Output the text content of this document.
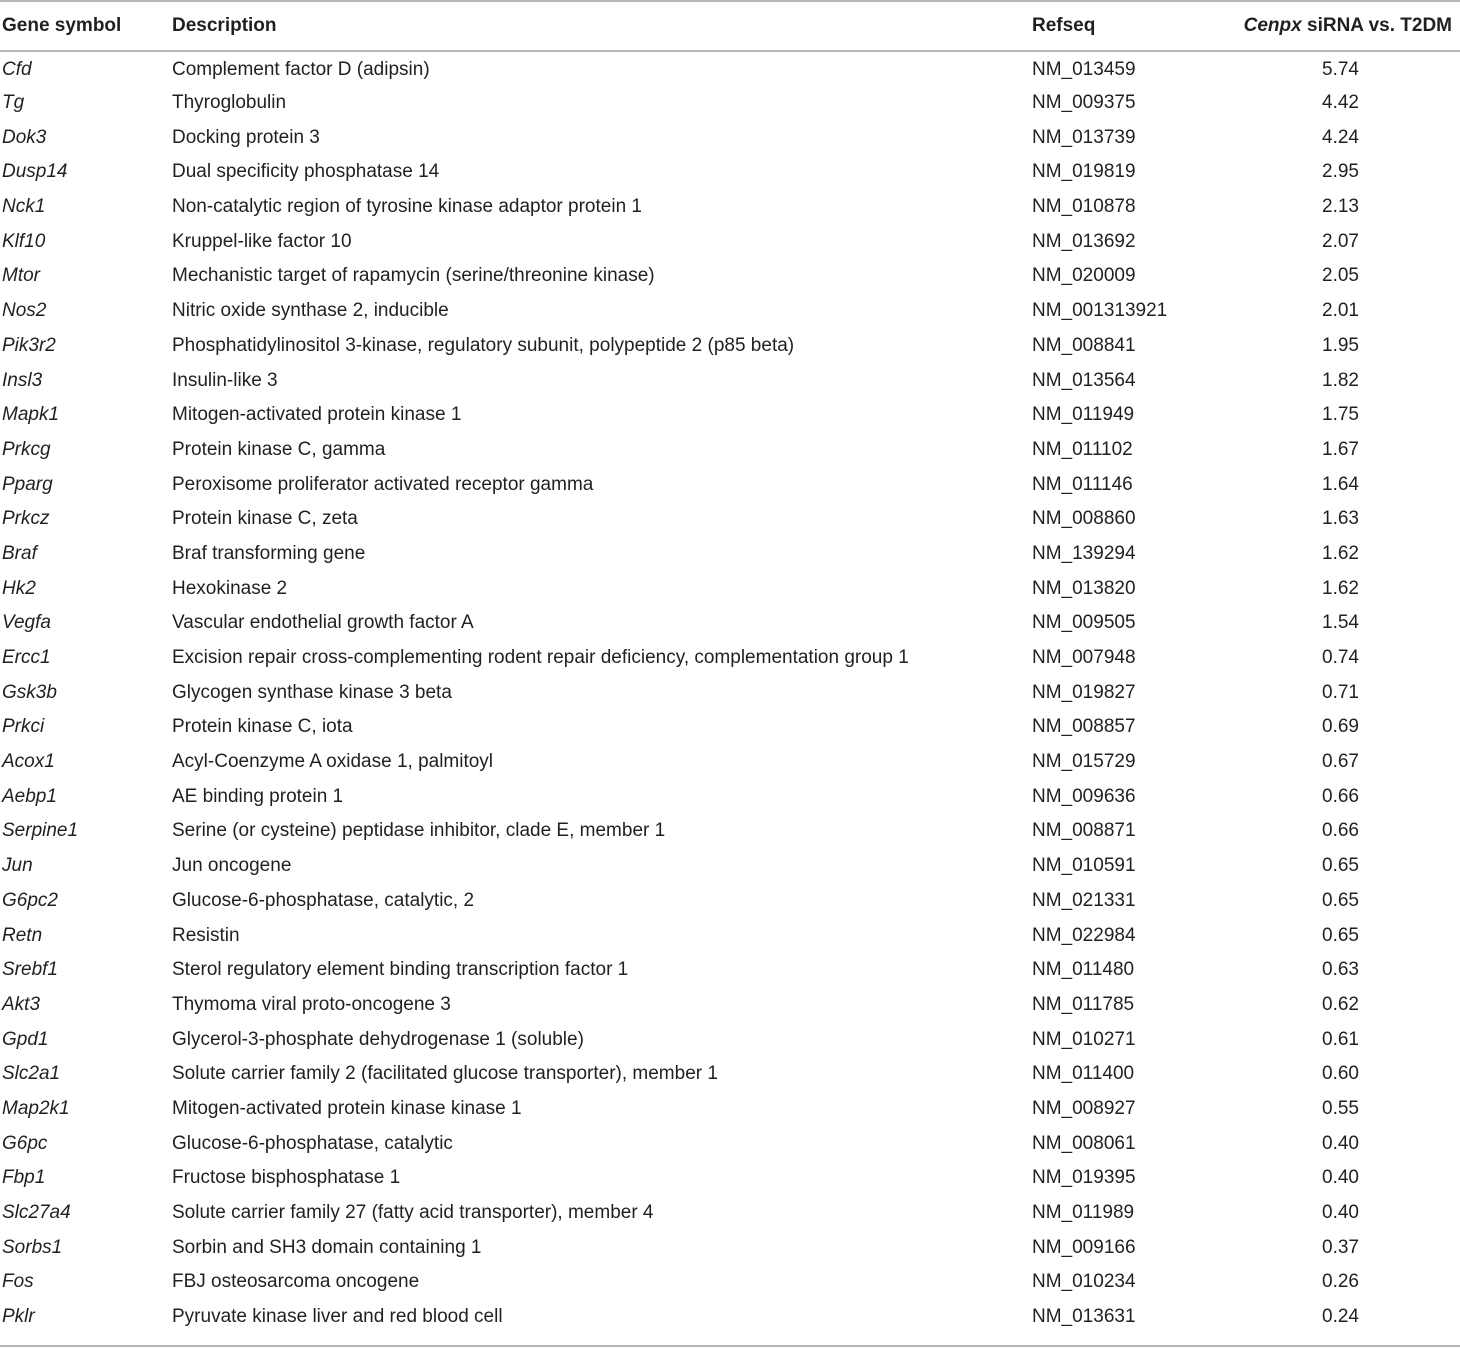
Gene symbol	Description	Refseq	Cenpx siRNA vs. T2DM
Cfd	Complement factor D (adipsin)	NM_013459	5.74
Tg	Thyroglobulin	NM_009375	4.42
Dok3	Docking protein 3	NM_013739	4.24
Dusp14	Dual specificity phosphatase 14	NM_019819	2.95
Nck1	Non-catalytic region of tyrosine kinase adaptor protein 1	NM_010878	2.13
Klf10	Kruppel-like factor 10	NM_013692	2.07
Mtor	Mechanistic target of rapamycin (serine/threonine kinase)	NM_020009	2.05
Nos2	Nitric oxide synthase 2, inducible	NM_001313921	2.01
Pik3r2	Phosphatidylinositol 3-kinase, regulatory subunit, polypeptide 2 (p85 beta)	NM_008841	1.95
Insl3	Insulin-like 3	NM_013564	1.82
Mapk1	Mitogen-activated protein kinase 1	NM_011949	1.75
Prkcg	Protein kinase C, gamma	NM_011102	1.67
Pparg	Peroxisome proliferator activated receptor gamma	NM_011146	1.64
Prkcz	Protein kinase C, zeta	NM_008860	1.63
Braf	Braf transforming gene	NM_139294	1.62
Hk2	Hexokinase 2	NM_013820	1.62
Vegfa	Vascular endothelial growth factor A	NM_009505	1.54
Ercc1	Excision repair cross-complementing rodent repair deficiency, complementation group 1	NM_007948	0.74
Gsk3b	Glycogen synthase kinase 3 beta	NM_019827	0.71
Prkci	Protein kinase C, iota	NM_008857	0.69
Acox1	Acyl-Coenzyme A oxidase 1, palmitoyl	NM_015729	0.67
Aebp1	AE binding protein 1	NM_009636	0.66
Serpine1	Serine (or cysteine) peptidase inhibitor, clade E, member 1	NM_008871	0.66
Jun	Jun oncogene	NM_010591	0.65
G6pc2	Glucose-6-phosphatase, catalytic, 2	NM_021331	0.65
Retn	Resistin	NM_022984	0.65
Srebf1	Sterol regulatory element binding transcription factor 1	NM_011480	0.63
Akt3	Thymoma viral proto-oncogene 3	NM_011785	0.62
Gpd1	Glycerol-3-phosphate dehydrogenase 1 (soluble)	NM_010271	0.61
Slc2a1	Solute carrier family 2 (facilitated glucose transporter), member 1	NM_011400	0.60
Map2k1	Mitogen-activated protein kinase kinase 1	NM_008927	0.55
G6pc	Glucose-6-phosphatase, catalytic	NM_008061	0.40
Fbp1	Fructose bisphosphatase 1	NM_019395	0.40
Slc27a4	Solute carrier family 27 (fatty acid transporter), member 4	NM_011989	0.40
Sorbs1	Sorbin and SH3 domain containing 1	NM_009166	0.37
Fos	FBJ osteosarcoma oncogene	NM_010234	0.26
Pklr	Pyruvate kinase liver and red blood cell	NM_013631	0.24
